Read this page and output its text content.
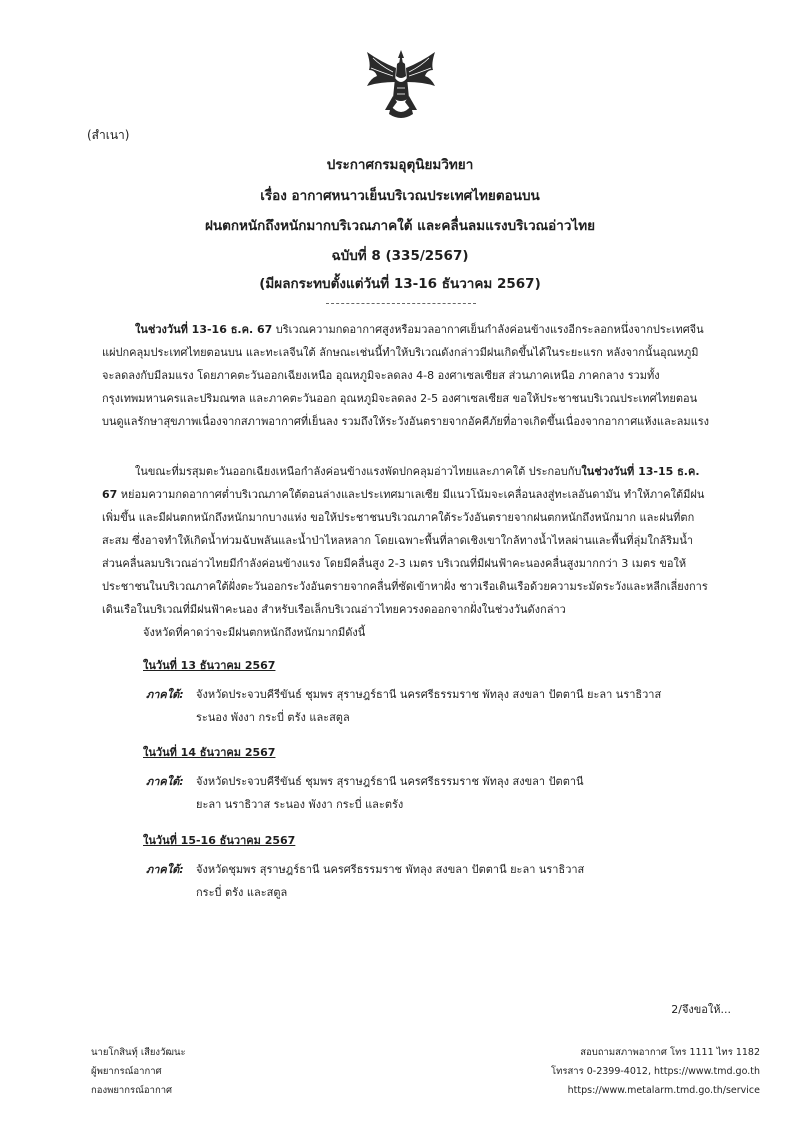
(สำเนา)
ประกาศกรมอุตุนิยมวิทยา
เรื่อง อากาศหนาวเย็นบริเวณประเทศไทยตอนบน
ฝนตกหนักถึงหนักมากบริเวณภาคใต้ และคลื่นลมแรงบริเวณอ่าวไทย
ฉบับที่ 8 (335/2567)
(มีผลกระทบตั้งแต่วันที่ 13-16 ธันวาคม 2567)

ในช่วงวันที่ 13-16 ธ.ค. 67 บริเวณความกดอากาศสูงหรือมวลอากาศเย็นกำลังค่อนข้างแรงอีกระลอกหนึ่งจากประเทศจีนแผ่ปกคลุมประเทศไทยตอนบน และทะเลจีนใต้ ลักษณะเช่นนี้ทำให้บริเวณดังกล่าวมีฝนเกิดขึ้นได้ในระยะแรก หลังจากนั้นอุณหภูมิจะลดลงกับมีลมแรง โดยภาคตะวันออกเฉียงเหนือ อุณหภูมิจะลดลง 4-8 องศาเซลเซียส ส่วนภาคเหนือ ภาคกลาง รวมทั้งกรุงเทพมหานครและปริมณฑล และภาคตะวันออก อุณหภูมิจะลดลง 2-5 องศาเซลเซียส ขอให้ประชาชนบริเวณประเทศไทยตอนบนดูแลรักษาสุขภาพเนื่องจากสภาพอากาศที่เย็นลง รวมถึงให้ระวังอันตรายจากอัคคีภัยที่อาจเกิดขึ้นเนื่องจากอากาศแห้งและลมแรง

ในขณะที่มรสุมตะวันออกเฉียงเหนือกำลังค่อนข้างแรงพัดปกคลุมอ่าวไทยและภาคใต้ ประกอบกับในช่วงวันที่ 13-15 ธ.ค. 67 หย่อมความกดอากาศต่ำบริเวณภาคใต้ตอนล่างและประเทศมาเลเซีย มีแนวโน้มจะเคลื่อนลงสู่ทะเลอันดามัน ทำให้ภาคใต้มีฝนเพิ่มขึ้น และมีฝนตกหนักถึงหนักมากบางแห่ง ขอให้ประชาชนบริเวณภาคใต้ระวังอันตรายจากฝนตกหนักถึงหนักมาก และฝนที่ตกสะสม ซึ่งอาจทำให้เกิดน้ำท่วมฉับพลันและน้ำป่าไหลหลาก โดยเฉพาะพื้นที่ลาดเชิงเขาใกล้ทางน้ำไหลผ่านและพื้นที่ลุ่มใกล้ริมน้ำ ส่วนคลื่นลมบริเวณอ่าวไทยมีกำลังค่อนข้างแรง โดยมีคลื่นสูง 2-3 เมตร บริเวณที่มีฝนฟ้าคะนองคลื่นสูงมากกว่า 3 เมตร ขอให้ประชาชนในบริเวณภาคใต้ฝั่งตะวันออกระวังอันตรายจากคลื่นที่ซัดเข้าหาฝั่ง ชาวเรือเดินเรือด้วยความระมัดระวังและหลีกเลี่ยงการเดินเรือในบริเวณที่มีฝนฟ้าคะนอง สำหรับเรือเล็กบริเวณอ่าวไทยควรงดออกจากฝั่งในช่วงวันดังกล่าว

จังหวัดที่คาดว่าจะมีฝนตกหนักถึงหนักมากมีดังนี้
ในวันที่ 13 ธันวาคม 2567
ภาคใต้: จังหวัดประจวบคีรีขันธ์ ชุมพร สุราษฎร์ธานี นครศรีธรรมราช พัทลุง สงขลา ปัตตานี ยะลา นราธิวาส
ระนอง พังงา กระบี่ ตรัง และสตูล
ในวันที่ 14 ธันวาคม 2567
ภาคใต้: จังหวัดประจวบคีรีขันธ์ ชุมพร สุราษฎร์ธานี นครศรีธรรมราช พัทลุง สงขลา ปัตตานี
ยะลา นราธิวาส ระนอง พังงา กระบี่ และตรัง
ในวันที่ 15-16 ธันวาคม 2567
ภาคใต้: จังหวัดชุมพร สุราษฎร์ธานี นครศรีธรรมราช พัทลุง สงขลา ปัตตานี ยะลา นราธิวาส
กระบี่ ตรัง และสตูล
2/จึงขอให้...
นายโกสินทุ์ เสียงวัฒนะ
ผู้พยากรณ์อากาศ
กองพยากรณ์อากาศ
สอบถามสภาพอากาศ โทร 1111 ไทร 1182
โทรสาร 0-2399-4012, https://www.tmd.go.th
https://www.metalarm.tmd.go.th/service
